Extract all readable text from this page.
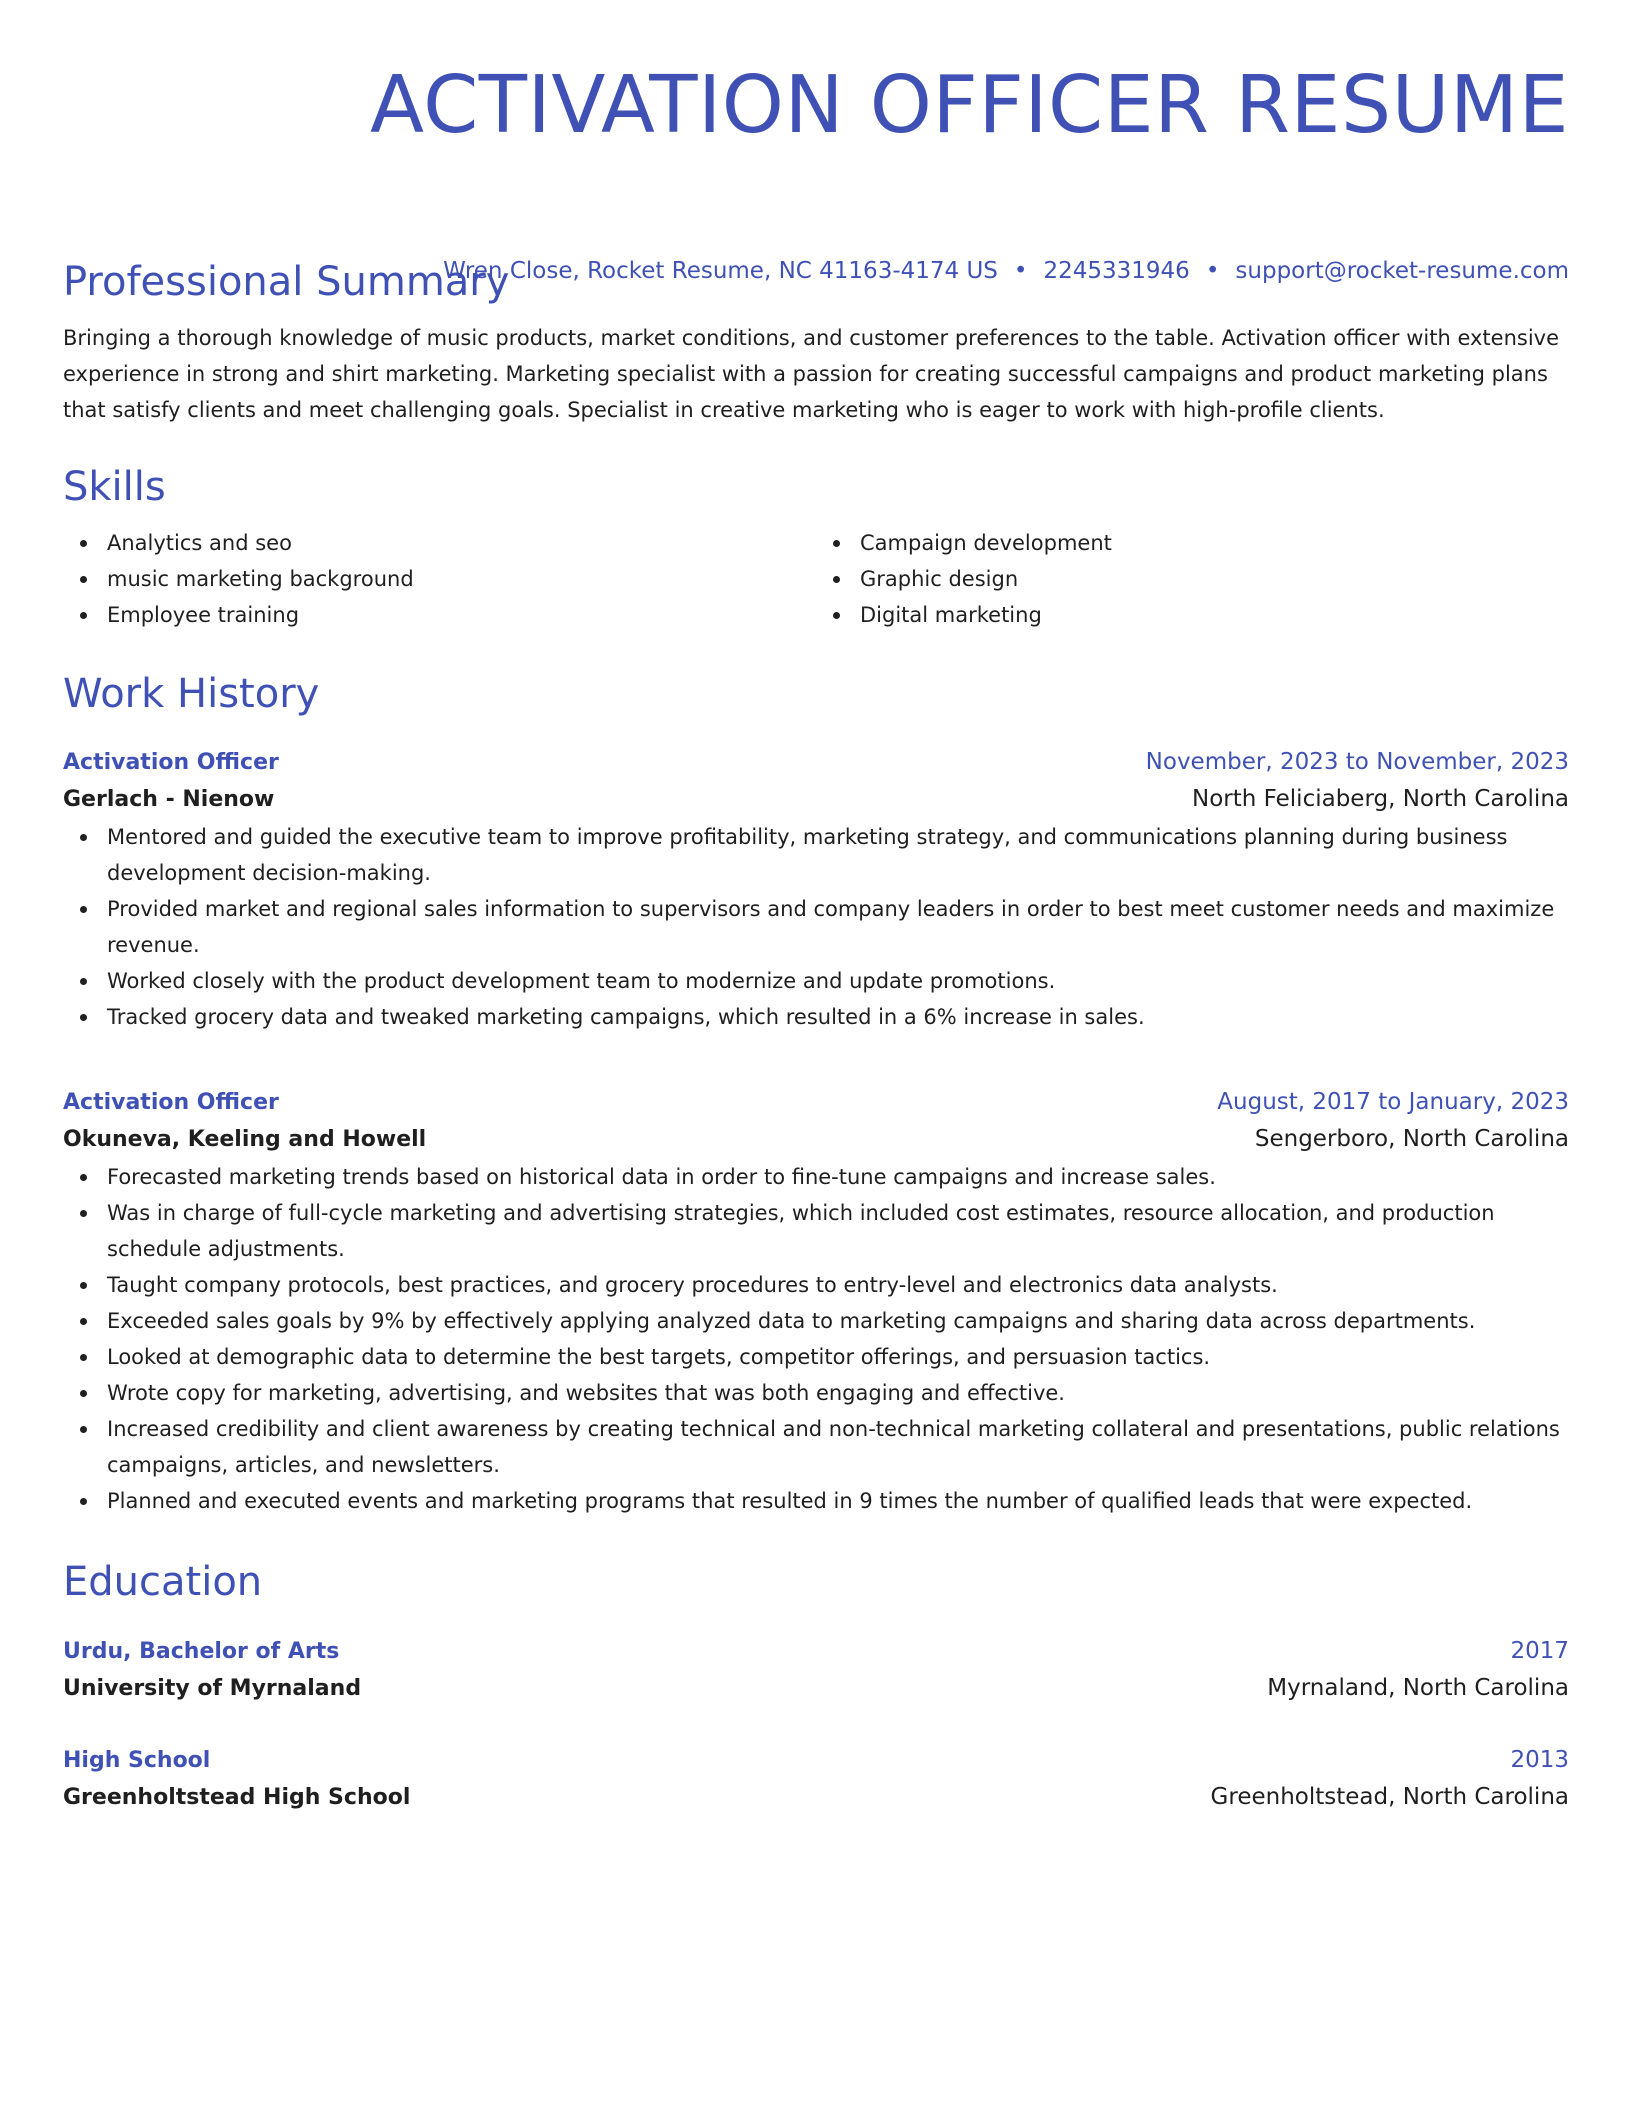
ACTIVATION OFFICER RESUME
Wren Close, Rocket Resume, NC 41163-4174 US • 2245331946 • support@rocket-resume.com
Professional Summary

Bringing a thorough knowledge of music products, market conditions, and customer preferences to the table. Activation officer with extensive experience in strong and shirt marketing. Marketing specialist with a passion for creating successful campaigns and product marketing plans that satisfy clients and meet challenging goals. Specialist in creative marketing who is eager to work with high-profile clients.

Skills
Analytics and seo
music marketing background
Employee training
Campaign development
Graphic design
Digital marketing
Work History
Activation Officer	November, 2023 to November, 2023
Gerlach - Nienow	North Feliciaberg, North Carolina
Mentored and guided the executive team to improve profitability, marketing strategy, and communications planning during business development decision-making.
Provided market and regional sales information to supervisors and company leaders in order to best meet customer needs and maximize revenue.
Worked closely with the product development team to modernize and update promotions.
Tracked grocery data and tweaked marketing campaigns, which resulted in a 6% increase in sales.
Activation Officer	August, 2017 to January, 2023
Okuneva, Keeling and Howell	Sengerboro, North Carolina
Forecasted marketing trends based on historical data in order to fine-tune campaigns and increase sales.
Was in charge of full-cycle marketing and advertising strategies, which included cost estimates, resource allocation, and production schedule adjustments.
Taught company protocols, best practices, and grocery procedures to entry-level and electronics data analysts.
Exceeded sales goals by 9% by effectively applying analyzed data to marketing campaigns and sharing data across departments.
Looked at demographic data to determine the best targets, competitor offerings, and persuasion tactics.
Wrote copy for marketing, advertising, and websites that was both engaging and effective.
Increased credibility and client awareness by creating technical and non-technical marketing collateral and presentations, public relations campaigns, articles, and newsletters.
Planned and executed events and marketing programs that resulted in 9 times the number of qualified leads that were expected.
Education
Urdu, Bachelor of Arts	2017
University of Myrnaland	Myrnaland, North Carolina
High School	2013
Greenholtstead High School	Greenholtstead, North Carolina
